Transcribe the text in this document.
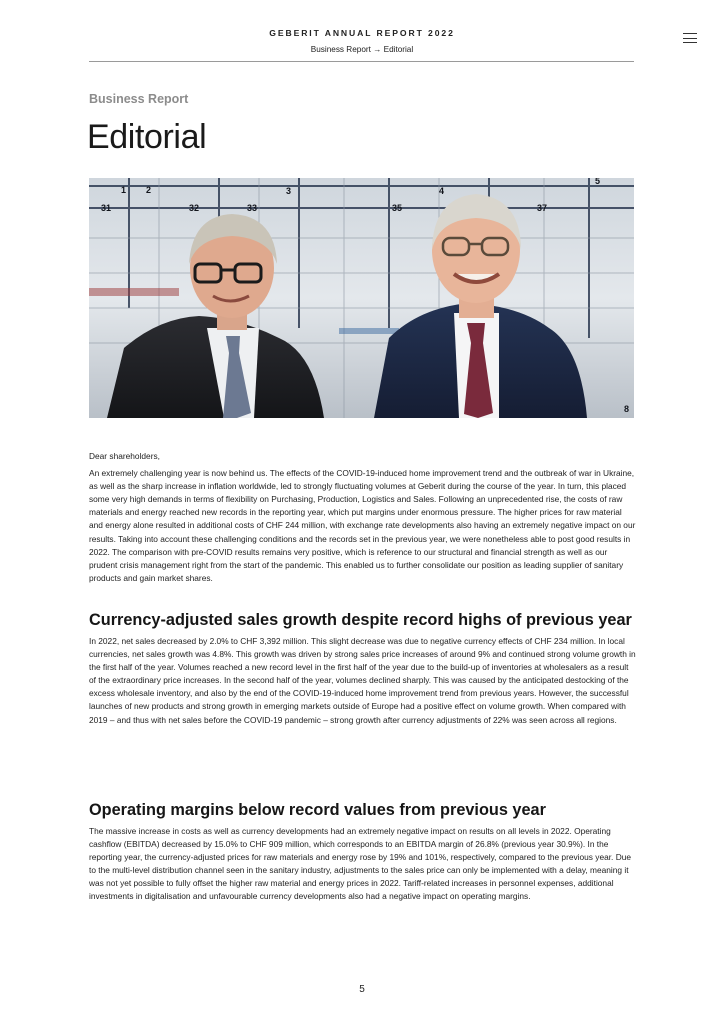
GEBERIT ANNUAL REPORT 2022
Business Report → Editorial
Business Report
Editorial
1 2	3
31	32	33	35
4
37
5
8

Dear shareholders,

An extremely challenging year is now behind us. The effects of the COVID-19-induced home improvement trend and the outbreak of war in Ukraine, as well as the sharp increase in inflation worldwide, led to strongly fluctuating volumes at Geberit during the course of the year. In turn, this placed some very high demands in terms of flexibility on Purchasing, Production, Logistics and Sales. Following an unprecedented rise, the costs of raw materials and energy reached new records in the reporting year, which put margins under enormous pressure. The higher prices for raw material and energy alone resulted in additional costs of CHF 244 million, with exchange rate developments also having an extremely negative impact on our results. Taking into account these challenging conditions and the records set in the previous year, we were nonetheless able to post good results in 2022. The comparison with pre-COVID results remains very positive, which is reference to our structural and financial strength as well as our prudent crisis management right from the start of the pandemic. This enabled us to further consolidate our position as leading supplier of sanitary products and gain market shares.

Currency-adjusted sales growth despite record highs of previous year

In 2022, net sales decreased by 2.0% to CHF 3,392 million. This slight decrease was due to negative currency effects of CHF 234 million. In local currencies, net sales growth was 4.8%. This growth was driven by strong sales price increases of around 9% and continued strong volume growth in the first half of the year. Volumes reached a new record level in the first half of the year due to the build-up of inventories at wholesalers as a result of the extraordinary price increases. In the second half of the year, volumes declined sharply. This was caused by the anticipated destocking of the excess wholesale inventory, and also by the end of the COVID-19-induced home improvement trend from previous years. However, the successful launches of new products and strong growth in emerging markets outside of Europe had a positive effect on volume growth. When compared with 2019 – and thus with net sales before the COVID-19 pandemic – strong growth after currency adjustments of 22% was seen across all regions.

Operating margins below record values from previous year

The massive increase in costs as well as currency developments had an extremely negative impact on results on all levels in 2022. Operating cashflow (EBITDA) decreased by 15.0% to CHF 909 million, which corresponds to an EBITDA margin of 26.8% (previous year 30.9%). In the reporting year, the currency-adjusted prices for raw materials and energy rose by 19% and 101%, respectively, compared to the previous year. Due to the multi-level distribution channel seen in the sanitary industry, adjustments to the sales price can only be implemented with a delay, meaning it was not yet possible to fully offset the higher raw material and energy prices in 2022. Tariff-related increases in personnel expenses, additional investments in digitalisation and unfavourable currency developments also had a negative impact on operating margins.

5
